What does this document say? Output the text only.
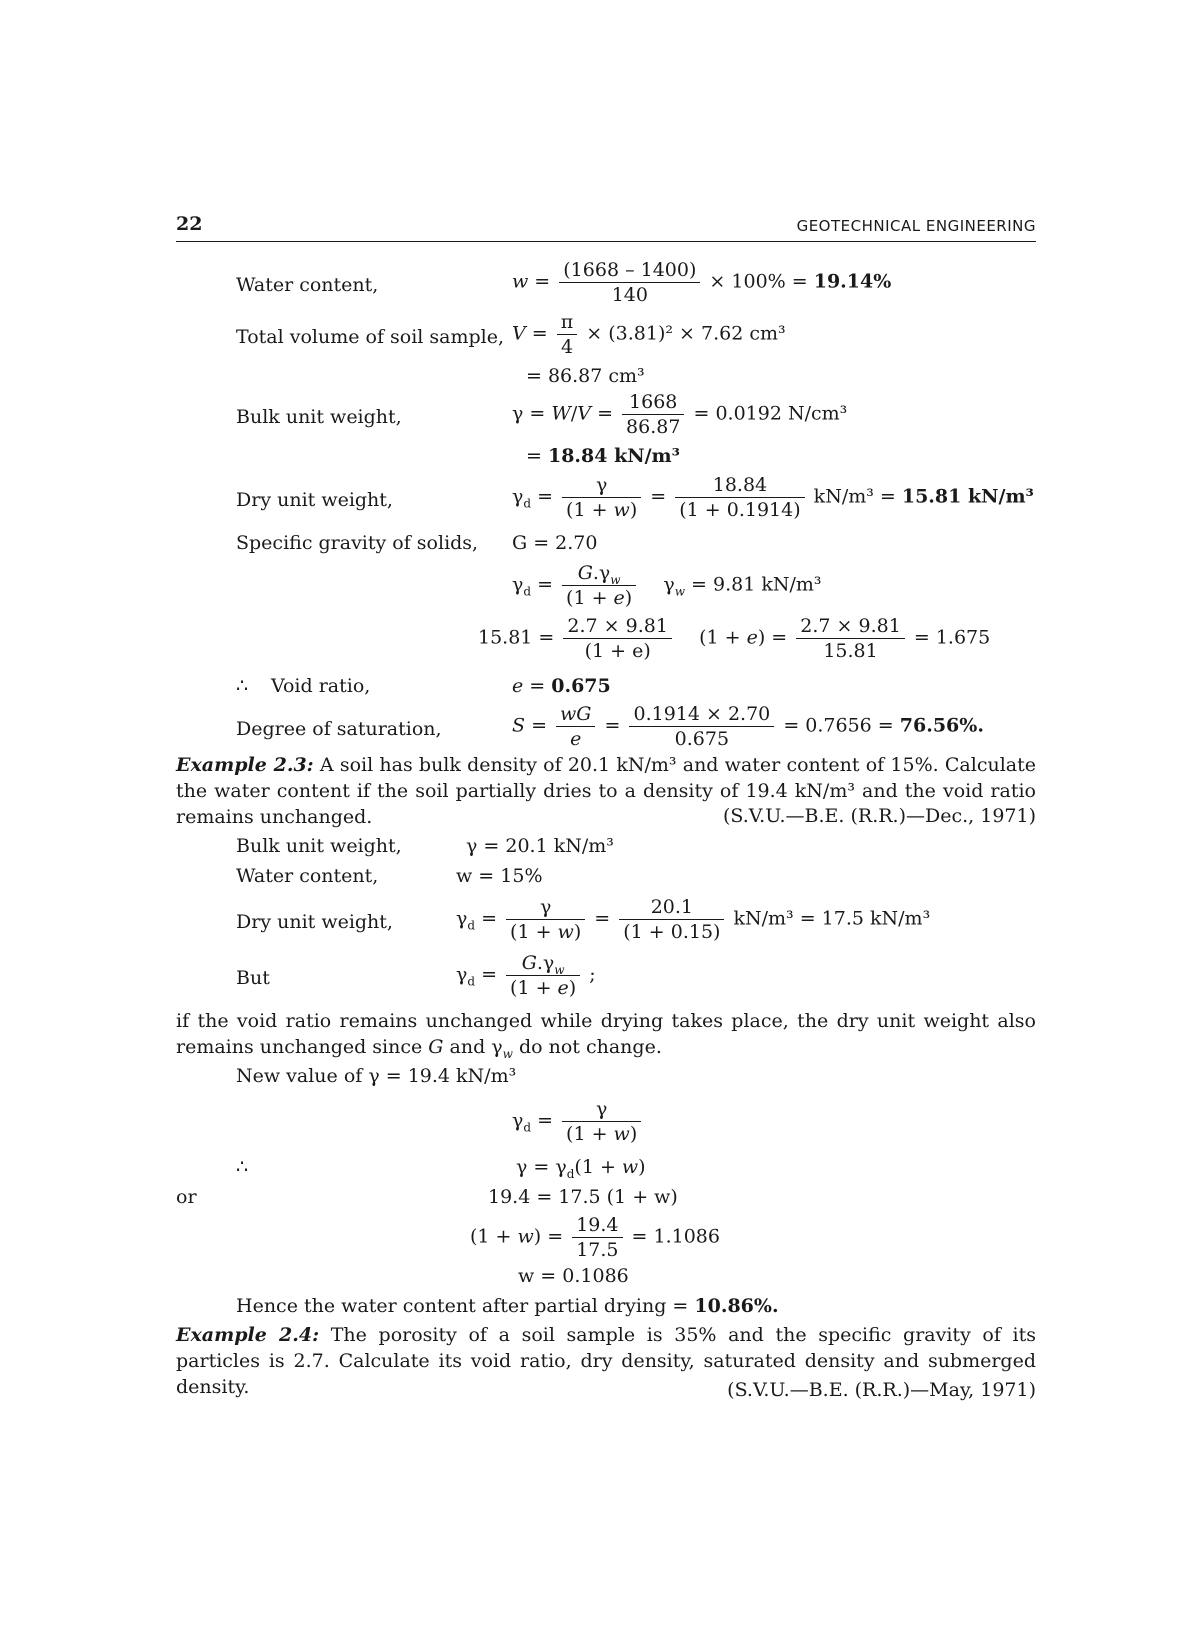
22	GEOTECHNICAL ENGINEERING
Water content,	$w = \frac{(1668 - 1400)}{140} \times 100\% = 19.14\%$
Total volume of soil sample, $V = \frac{\pi}{4} \times (3.81)^2 \times 7.62$ cm³
= 86.87 cm³
Bulk unit weight,	$\gamma = W/V = \frac{1668}{86.87} = 0.0192$ N/cm³
= 18.84 kN/m³
Dry unit weight,	$\gamma_d = \frac{\gamma}{(1 + w)} = \frac{18.84}{(1 + 0.1914)} kN/m^3 = 15.81$ kN/m³
Specific gravity of solids, G = 2.70
$\gamma_d = \frac{G.\gamma_w}{(1 + e)} \gamma_w = 9.81$ kN/m³
$15.81 = \frac{2.7 \times 9.81}{(1 + e)} (1 + e) = \frac{2.7 \times 9.81}{15.81} = 1.675$
∴ Void ratio,	e = 0.675
Degree of saturation,	$S = \frac{wG}{e} = \frac{0.1914 \times 2.70}{0.675} = 0.7656 = 76.56\%$.
Example 2.3: A soil has bulk density of 20.1 kN/m³ and water content of 15%. Calculate the water content if the soil partially dries to a density of 19.4 kN/m³ and the void ratio remains unchanged.	(S.V.U.—B.E. (R.R.)—Dec., 1971)
Bulk unit weight,	γ = 20.1 kN/m³
Water content,	w = 15%
Dry unit weight,	$\gamma_d = \frac{\gamma}{(1 + w)} = \frac{20.1}{(1 + 0.15)} kN/m^3 = 17.5$ kN/m³
But	$\gamma_d = \frac{G.\gamma_w}{(1 + e)}$ ;
if the void ratio remains unchanged while drying takes place, the dry unit weight also remains unchanged since G and $\gamma_w$ do not change.
New value of γ = 19.4 kN/m³
$\gamma_d = \frac{\gamma}{(1 + w)}$
∴	$\gamma = \gamma_d(1 + w)$
or	19.4 = 17.5 (1 + w)
$(1 + w) = \frac{19.4}{17.5} = 1.1086$
w = 0.1086
Hence the water content after partial drying = 10.86%.
Example 2.4: The porosity of a soil sample is 35% and the specific gravity of its particles is 2.7. Calculate its void ratio, dry density, saturated density and submerged density.	(S.V.U.—B.E. (R.R.)—May, 1971)
